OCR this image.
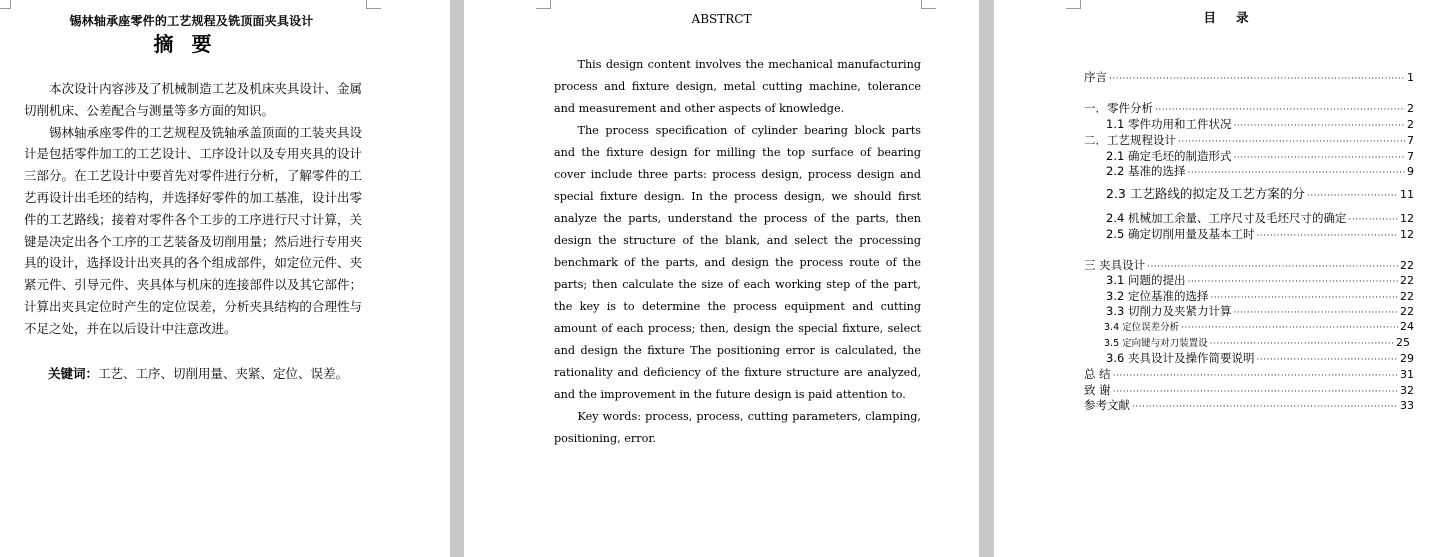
锡林轴承座零件的工艺规程及铣顶面夹具设计
摘要

本次设计内容涉及了机械制造工艺及机床夹具设计、金属切削机床、公差配合与测量等多方面的知识。

锡林轴承座零件的工艺规程及铣轴承盖顶面的工装夹具设计是包括零件加工的工艺设计、工序设计以及专用夹具的设计三部分。在工艺设计中要首先对零件进行分析，了解零件的工艺再设计出毛坯的结构，并选择好零件的加工基准，设计出零件的工艺路线；接着对零件各个工步的工序进行尺寸计算，关键是决定出各个工序的工艺装备及切削用量；然后进行专用夹具的设计，选择设计出夹具的各个组成部件，如定位元件、夹紧元件、引导元件、夹具体与机床的连接部件以及其它部件；计算出夹具定位时产生的定位误差，分析夹具结构的合理性与不足之处，并在以后设计中注意改进。

关键词：工艺、工序、切削用量、夹紧、定位、误差。
ABSTRCT

This design content involves the mechanical manufacturing process and fixture design, metal cutting machine, tolerance and measurement and other aspects of knowledge.

The process specification of cylinder bearing block parts and the fixture design for milling the top surface of bearing cover include three parts: process design, process design and special fixture design. In the process design, we should first analyze the parts, understand the process of the parts, then design the structure of the blank, and select the processing benchmark of the parts, and design the process route of the parts; then calculate the size of each working step of the part, the key is to determine the process equipment and cutting amount of each process; then, design the special fixture, select and design the fixture The positioning error is calculated, the rationality and deficiency of the fixture structure are analyzed, and the improvement in the future design is paid attention to.

Key words: process, process, cutting parameters, clamping, positioning, error.

目录
序言 ·····	1
一．零件分析 ·····	2
1.1 零件功用和工件状况 ·····	2
二．工艺规程设计 ·····	7
2.1 确定毛坯的制造形式 ·····	7
2.2 基准的选择 ·····	9
2.3 工艺路线的拟定及工艺方案的分 ·····	11
2.4 机械加工余量、工序尺寸及毛坯尺寸的确定 ·····	12
2.5 确定切削用量及基本工时 ·····	12
三 夹具设计 ·····	22
3.1 问题的提出 ·····	22
3.2 定位基准的选择 ·····	22
3.3 切削力及夹紧力计算 ·····	22
3.4 定位误差分析 ·····	24
3.5 定向键与对刀装置设 ·····	25
3.6 夹具设计及操作简要说明 ·····	29
总 结 ·····	31
致 谢 ·····	32
参考文献 ·····	33
